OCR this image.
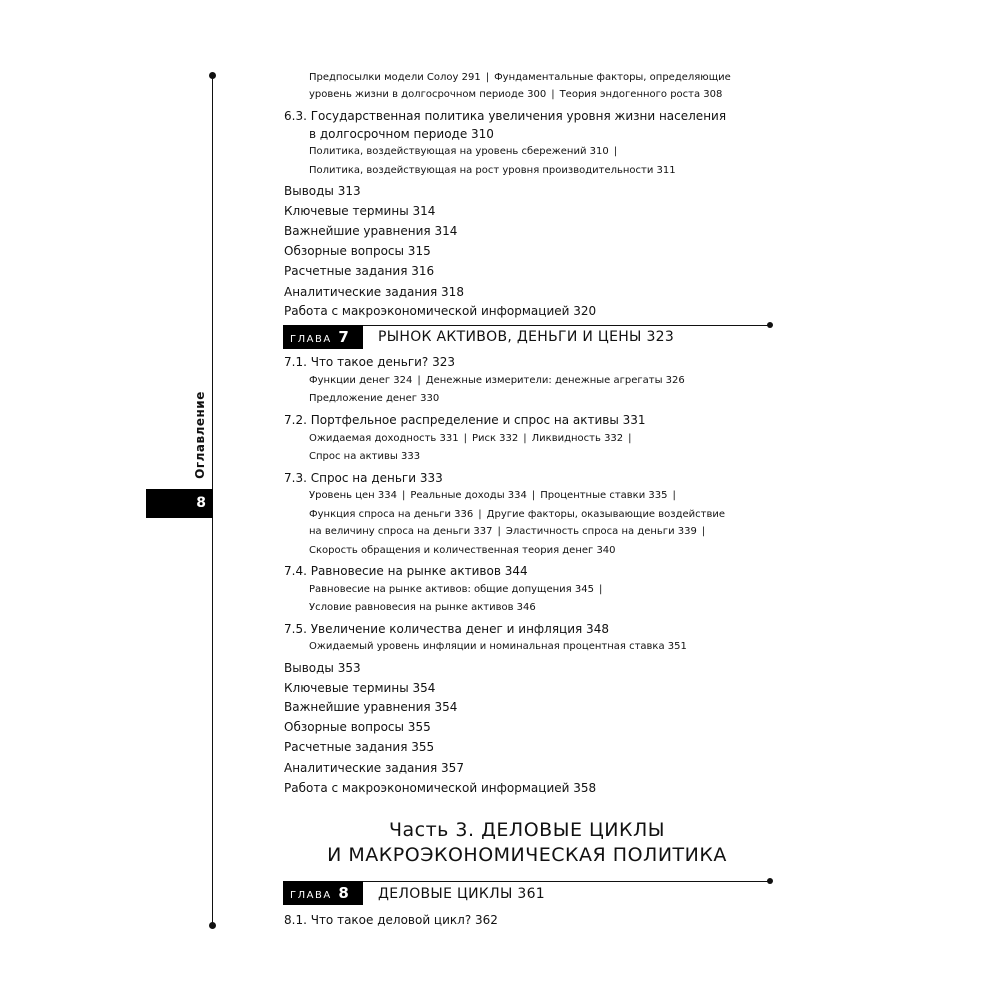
Оглавление
8
Предпосылки модели Солоу 291 | Фундаментальные факторы, определяющие
уровень жизни в долгосрочном периоде 300 | Теория эндогенного роста 308
6.3. Государственная политика увеличения уровня жизни населения
в долгосрочном периоде 310
Политика, воздействующая на уровень сбережений 310 |
Политика, воздействующая на рост уровня производительности 311
Выводы 313
Ключевые термины 314
Важнейшие уравнения 314
Обзорные вопросы 315
Расчетные задания 316
Аналитические задания 318
Работа с макроэкономической информацией 320
ГЛАВА 7	РЫНОК АКТИВОВ, ДЕНЬГИ И ЦЕНЫ 323
7.1. Что такое деньги? 323
Функции денег 324 | Денежные измерители: денежные агрегаты 326
Предложение денег 330
7.2. Портфельное распределение и спрос на активы 331
Ожидаемая доходность 331 | Риск 332 | Ликвидность 332 |
Спрос на активы 333
7.3. Спрос на деньги 333
Уровень цен 334 | Реальные доходы 334 | Процентные ставки 335 |
Функция спроса на деньги 336 | Другие факторы, оказывающие воздействие
на величину спроса на деньги 337 | Эластичность спроса на деньги 339 |
Скорость обращения и количественная теория денег 340
7.4. Равновесие на рынке активов 344
Равновесие на рынке активов: общие допущения 345 |
Условие равновесия на рынке активов 346
7.5. Увеличение количества денег и инфляция 348
Ожидаемый уровень инфляции и номинальная процентная ставка 351
Выводы 353
Ключевые термины 354
Важнейшие уравнения 354
Обзорные вопросы 355
Расчетные задания 355
Аналитические задания 357
Работа с макроэкономической информацией 358
Часть 3. ДЕЛОВЫЕ ЦИКЛЫ
И МАКРОЭКОНОМИЧЕСКАЯ ПОЛИТИКА
ГЛАВА 8	ДЕЛОВЫЕ ЦИКЛЫ 361
8.1. Что такое деловой цикл? 362
